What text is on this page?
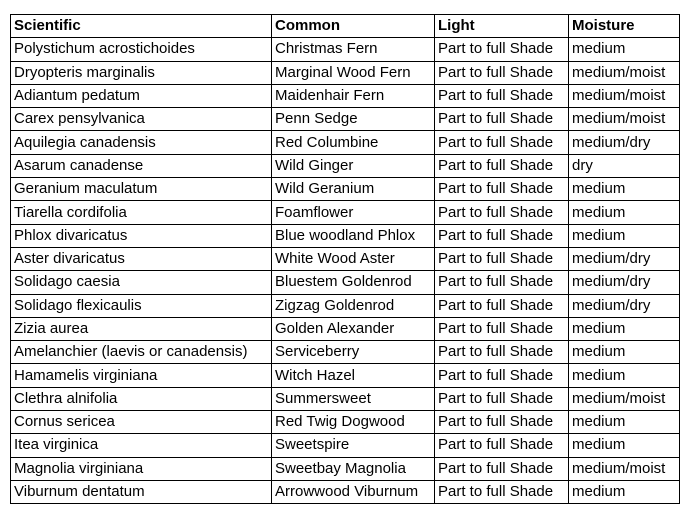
Scientific	Common	Light	Moisture
Polystichum acrostichoides	Christmas Fern	Part to full Shade	medium
Dryopteris marginalis	Marginal Wood Fern	Part to full Shade	medium/moist
Adiantum pedatum	Maidenhair Fern	Part to full Shade	medium/moist
Carex pensylvanica	Penn Sedge	Part to full Shade	medium/moist
Aquilegia canadensis	Red Columbine	Part to full Shade	medium/dry
Asarum canadense	Wild Ginger	Part to full Shade	dry
Geranium maculatum	Wild Geranium	Part to full Shade	medium
Tiarella cordifolia	Foamflower	Part to full Shade	medium
Phlox divaricatus	Blue woodland Phlox	Part to full Shade	medium
Aster divaricatus	White Wood Aster	Part to full Shade	medium/dry
Solidago caesia	Bluestem Goldenrod	Part to full Shade	medium/dry
Solidago flexicaulis	Zigzag Goldenrod	Part to full Shade	medium/dry
Zizia aurea	Golden Alexander	Part to full Shade	medium
Amelanchier (laevis or canadensis)	Serviceberry	Part to full Shade	medium
Hamamelis virginiana	Witch Hazel	Part to full Shade	medium
Clethra alnifolia	Summersweet	Part to full Shade	medium/moist
Cornus sericea	Red Twig Dogwood	Part to full Shade	medium
Itea virginica	Sweetspire	Part to full Shade	medium
Magnolia virginiana	Sweetbay Magnolia	Part to full Shade	medium/moist
Viburnum dentatum	Arrowwood Viburnum	Part to full Shade	medium
